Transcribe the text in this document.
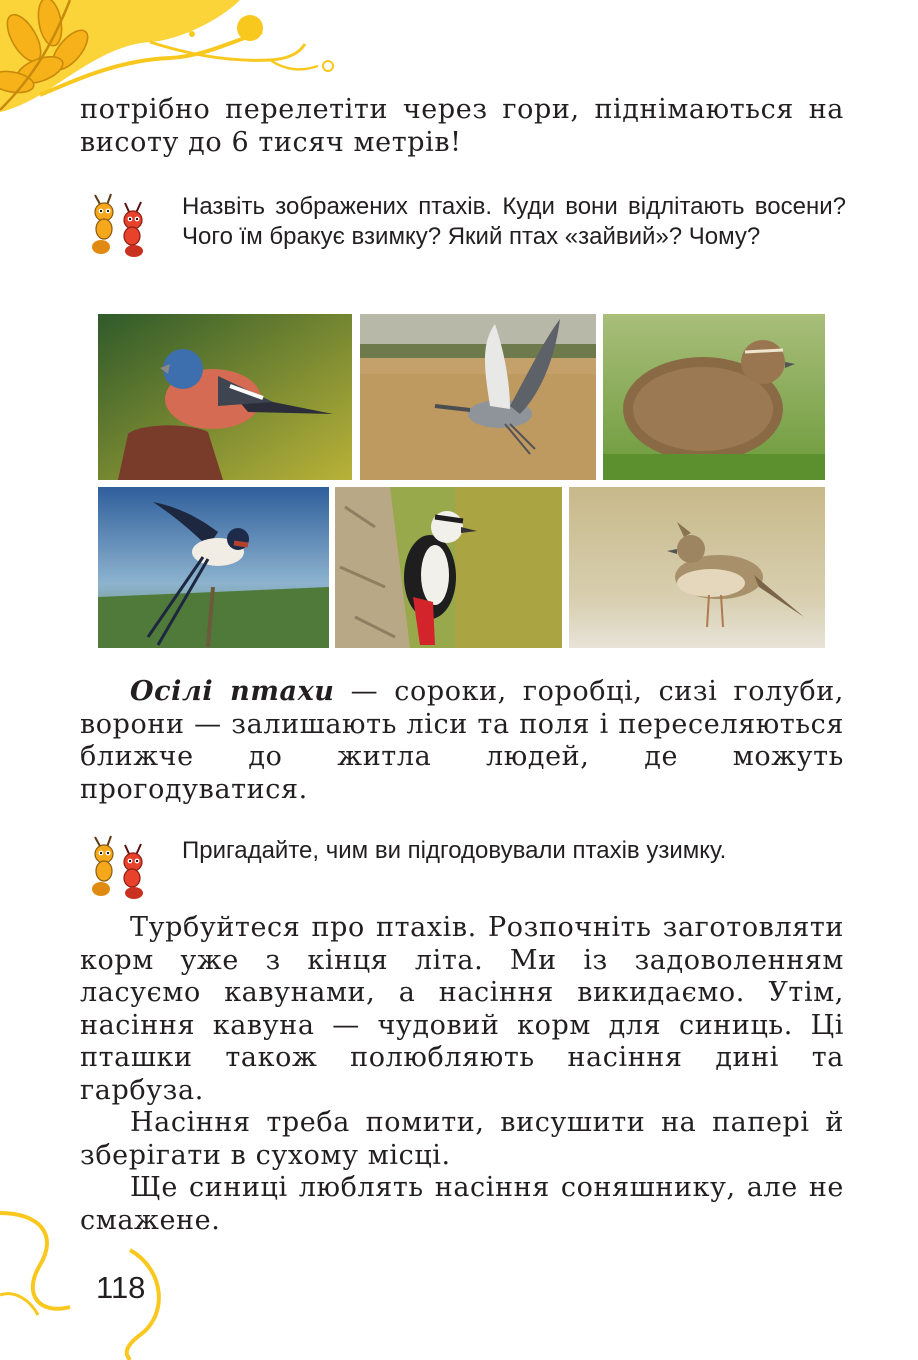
потрібно перелетіти через гори, піднімаються на висоту до 6 тисяч метрів!

Назвіть зображених птахів. Куди вони відлітають восени? Чого їм бракує взимку? Який птах «зайвий»? Чому?

Осілі птахи — сороки, горобці, сизі голуби, ворони — залишають ліси та поля і переселяються ближче до житла людей, де можуть прогодуватися.

Пригадайте, чим ви підгодовували птахів узимку.

Турбуйтеся про птахів. Розпочніть заготовляти корм уже з кінця літа. Ми із задоволенням ласуємо кавунами, а насіння викидаємо. Утім, насіння кавуна — чудовий корм для синиць. Ці пташки також полюбляють насіння дині та гарбуза.

Насіння треба помити, висушити на папері й зберігати в сухому місці.

Ще синиці люблять насіння соняшнику, але не смажене.

118
